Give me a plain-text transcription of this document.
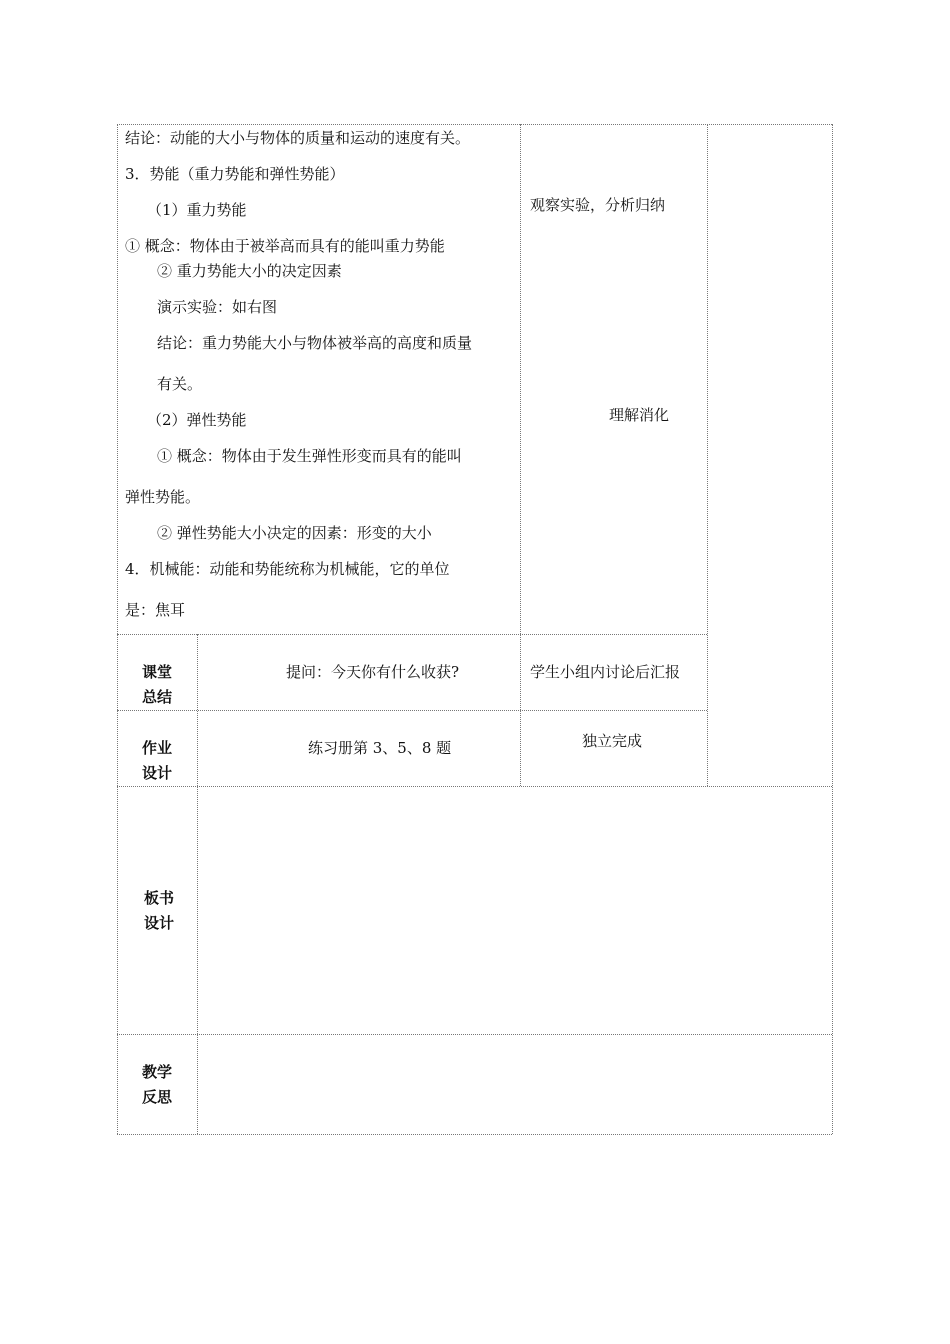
结论：动能的大小与物体的质量和运动的速度有关。
3．势能（重力势能和弹性势能）
（1）重力势能
① 概念：物体由于被举高而具有的能叫重力势能
② 重力势能大小的决定因素
演示实验：如右图
结论：重力势能大小与物体被举高的高度和质量
有关。
（2）弹性势能
① 概念：物体由于发生弹性形变而具有的能叫
弹性势能。
② 弹性势能大小决定的因素：形变的大小
4．机械能：动能和势能统称为机械能，它的单位
是：焦耳
观察实验，分析归纳
理解消化
课堂
总结
提问：今天你有什么收获?	学生小组内讨论后汇报
作业
设计
练习册第 3、5、8 题	独立完成
板书
设计
教学
反思
